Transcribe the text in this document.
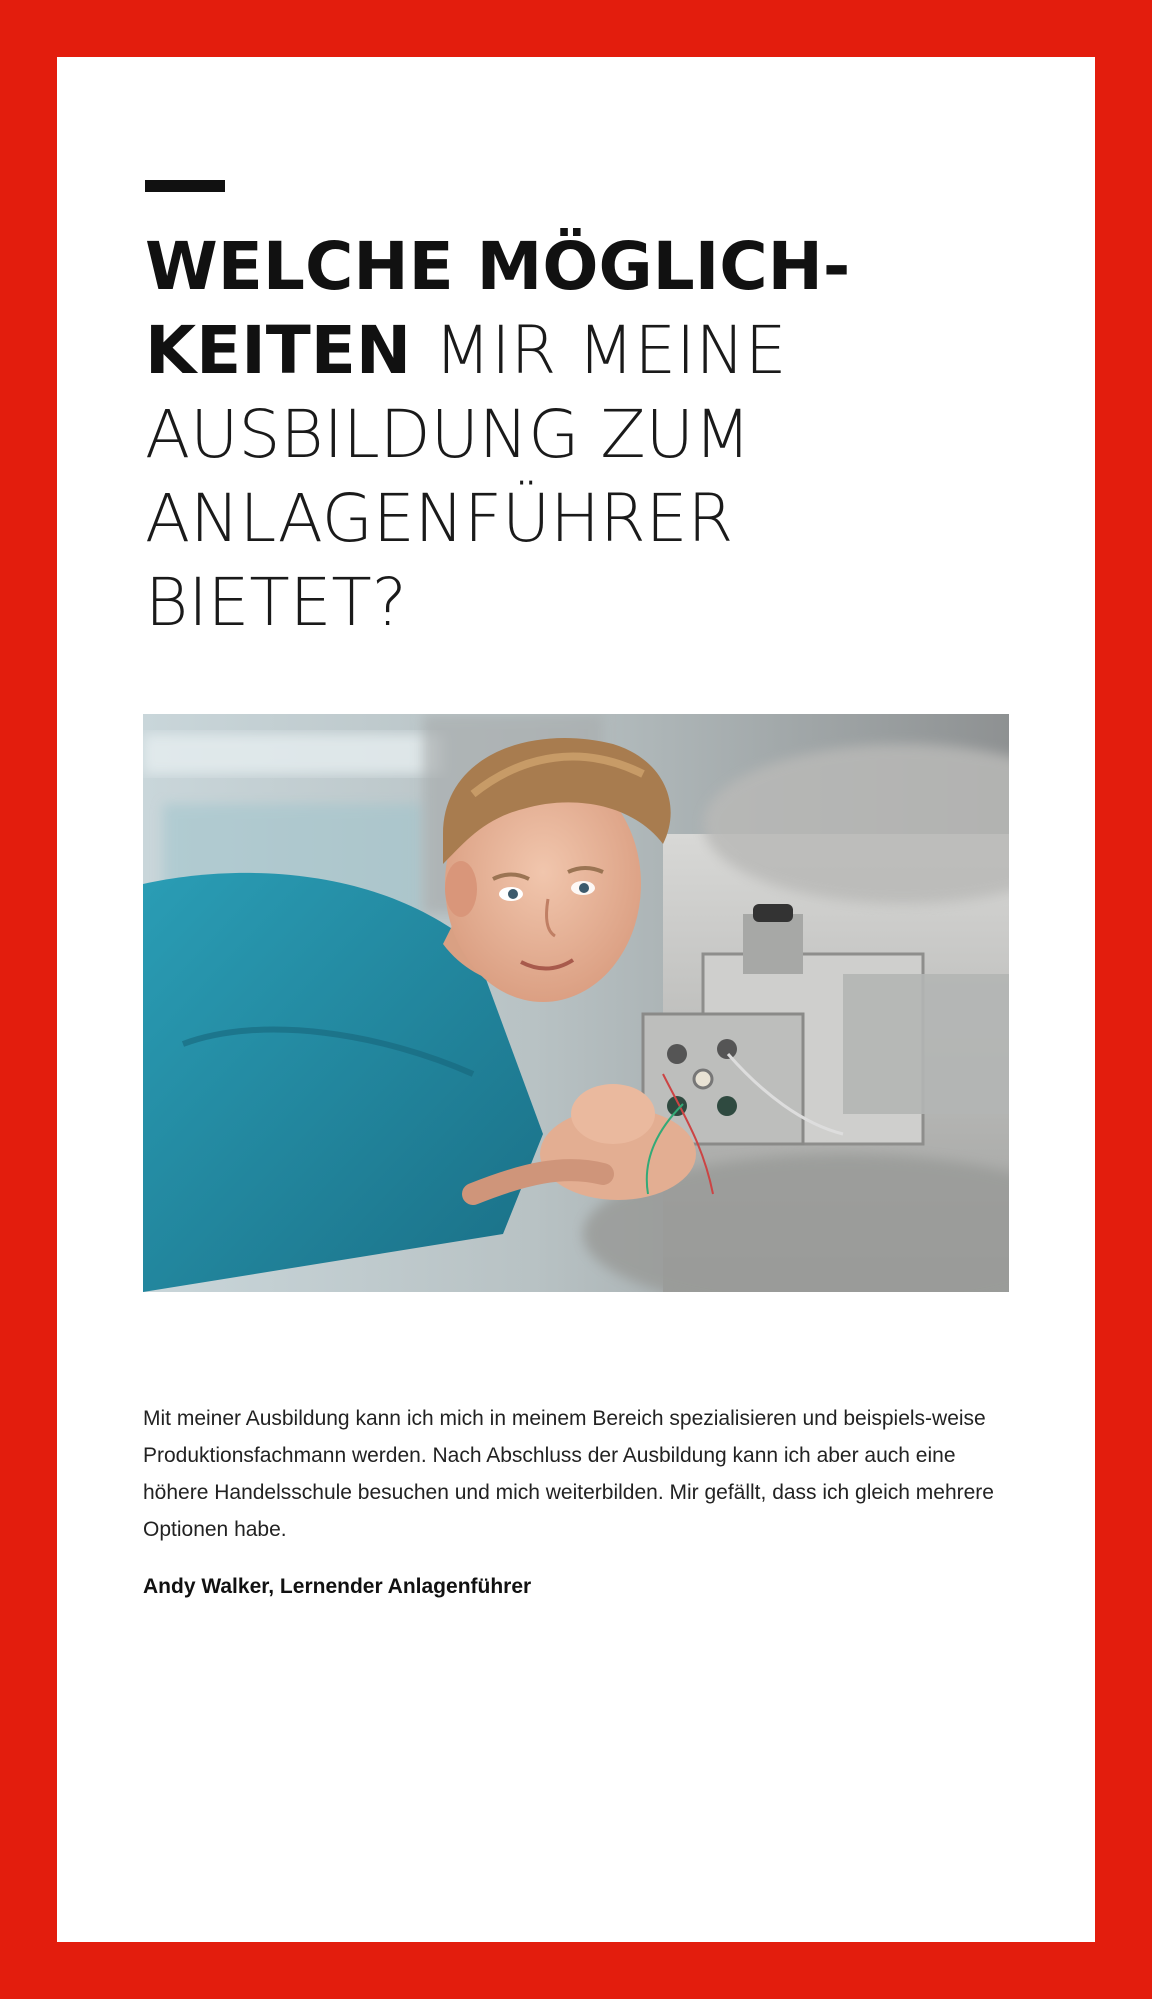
WELCHE MÖGLICH-
KEITEN MIR MEINE
AUSBILDUNG ZUM
ANLAGENFÜHRER
BIETET?

Mit meiner Ausbildung kann ich mich in meinem Bereich spezialisieren und beispiels-weise Produktionsfachmann werden. Nach Abschluss der Ausbildung kann ich aber auch eine höhere Handelsschule besuchen und mich weiterbilden. Mir gefällt, dass ich gleich mehrere Optionen habe.

Andy Walker, Lernender Anlagenführer
